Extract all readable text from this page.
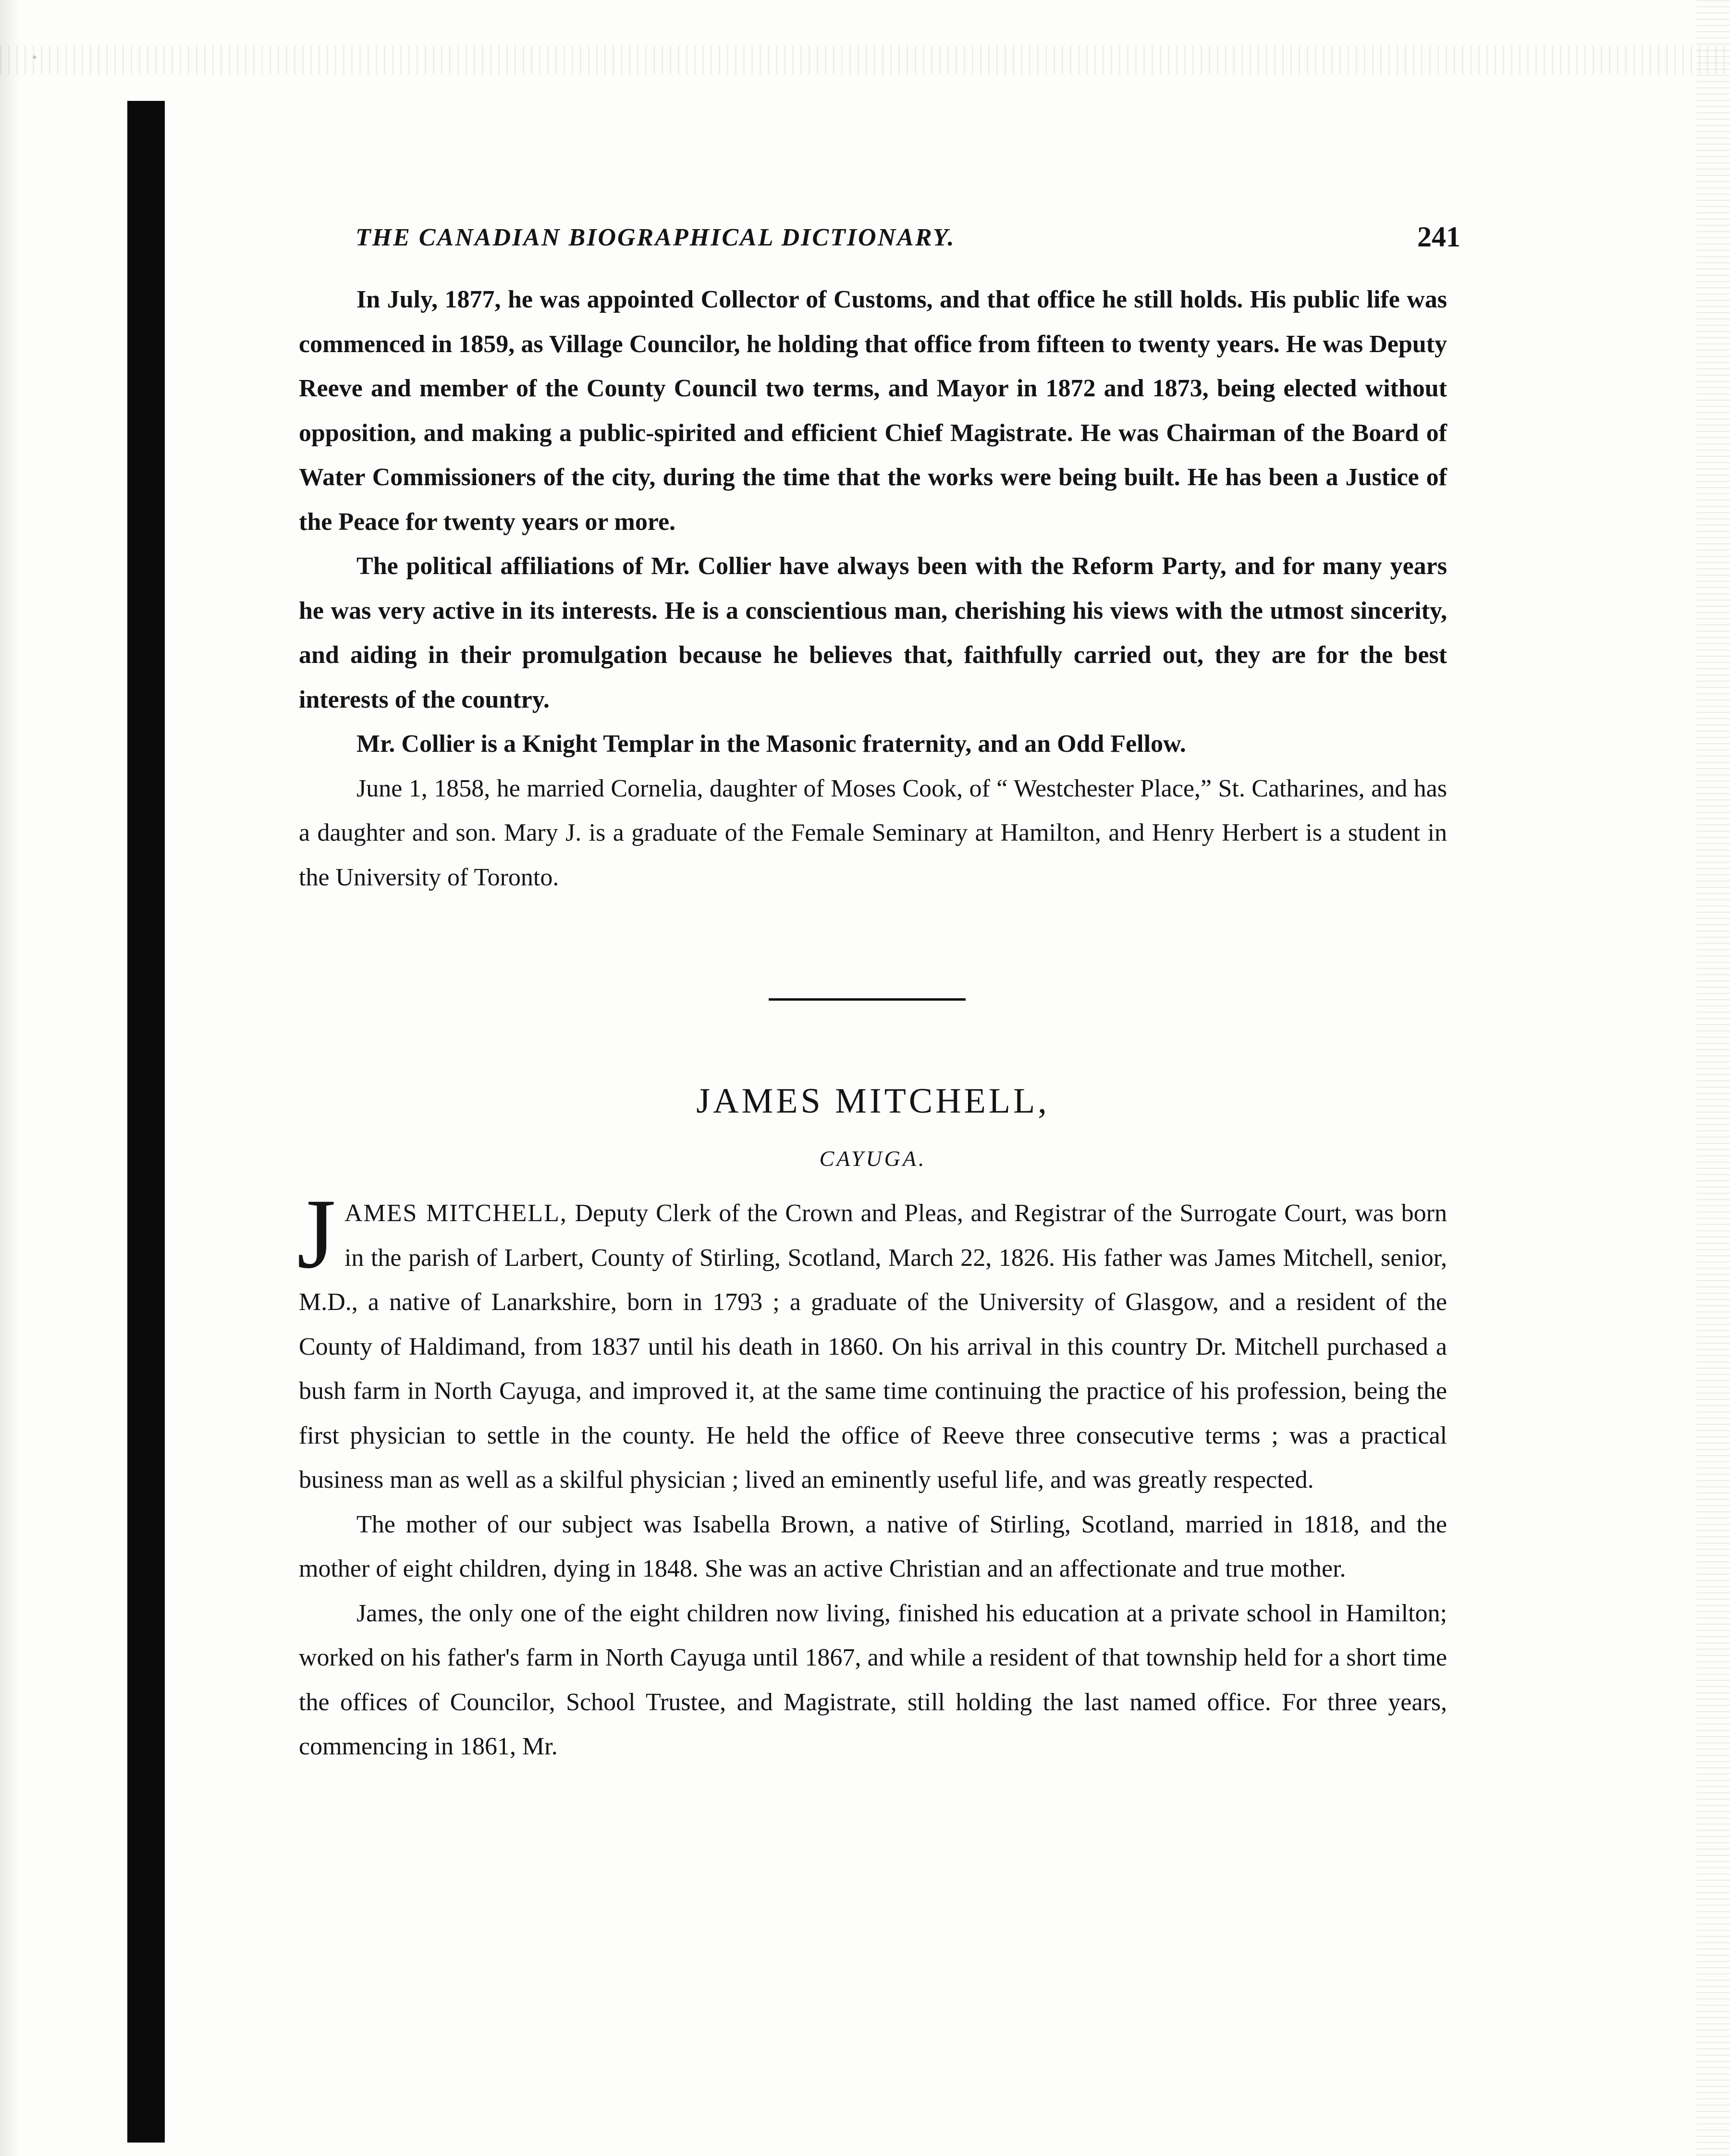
THE CANADIAN BIOGRAPHICAL DICTIONARY.	241

In July, 1877, he was appointed Collector of Customs, and that office he still holds. His public life was commenced in 1859, as Village Councilor, he holding that office from fifteen to twenty years. He was Deputy Reeve and member of the County Council two terms, and Mayor in 1872 and 1873, being elected without opposition, and making a public-spirited and efficient Chief Magistrate. He was Chairman of the Board of Water Commissioners of the city, during the time that the works were being built. He has been a Justice of the Peace for twenty years or more.

The political affiliations of Mr. Collier have always been with the Reform Party, and for many years he was very active in its interests. He is a conscientious man, cherishing his views with the utmost sincerity, and aiding in their promulgation because he believes that, faithfully carried out, they are for the best interests of the country.

Mr. Collier is a Knight Templar in the Masonic fraternity, and an Odd Fellow.

June 1, 1858, he married Cornelia, daughter of Moses Cook, of “ Westchester Place,” St. Catharines, and has a daughter and son. Mary J. is a graduate of the Female Seminary at Hamilton, and Henry Herbert is a student in the University of Toronto.

JAMES MITCHELL,
CAYUGA.

JAMES MITCHELL, Deputy Clerk of the Crown and Pleas, and Registrar of the Surrogate Court, was born in the parish of Larbert, County of Stirling, Scotland, March 22, 1826. His father was James Mitchell, senior, M.D., a native of Lanarkshire, born in 1793 ; a graduate of the University of Glasgow, and a resident of the County of Haldimand, from 1837 until his death in 1860. On his arrival in this country Dr. Mitchell purchased a bush farm in North Cayuga, and improved it, at the same time continuing the practice of his profession, being the first physician to settle in the county. He held the office of Reeve three consecutive terms ; was a practical business man as well as a skilful physician ; lived an eminently useful life, and was greatly respected.

The mother of our subject was Isabella Brown, a native of Stirling, Scotland, married in 1818, and the mother of eight children, dying in 1848. She was an active Christian and an affectionate and true mother.

James, the only one of the eight children now living, finished his education at a private school in Hamilton; worked on his father's farm in North Cayuga until 1867, and while a resident of that township held for a short time the offices of Councilor, School Trustee, and Magistrate, still holding the last named office. For three years, commencing in 1861, Mr.
